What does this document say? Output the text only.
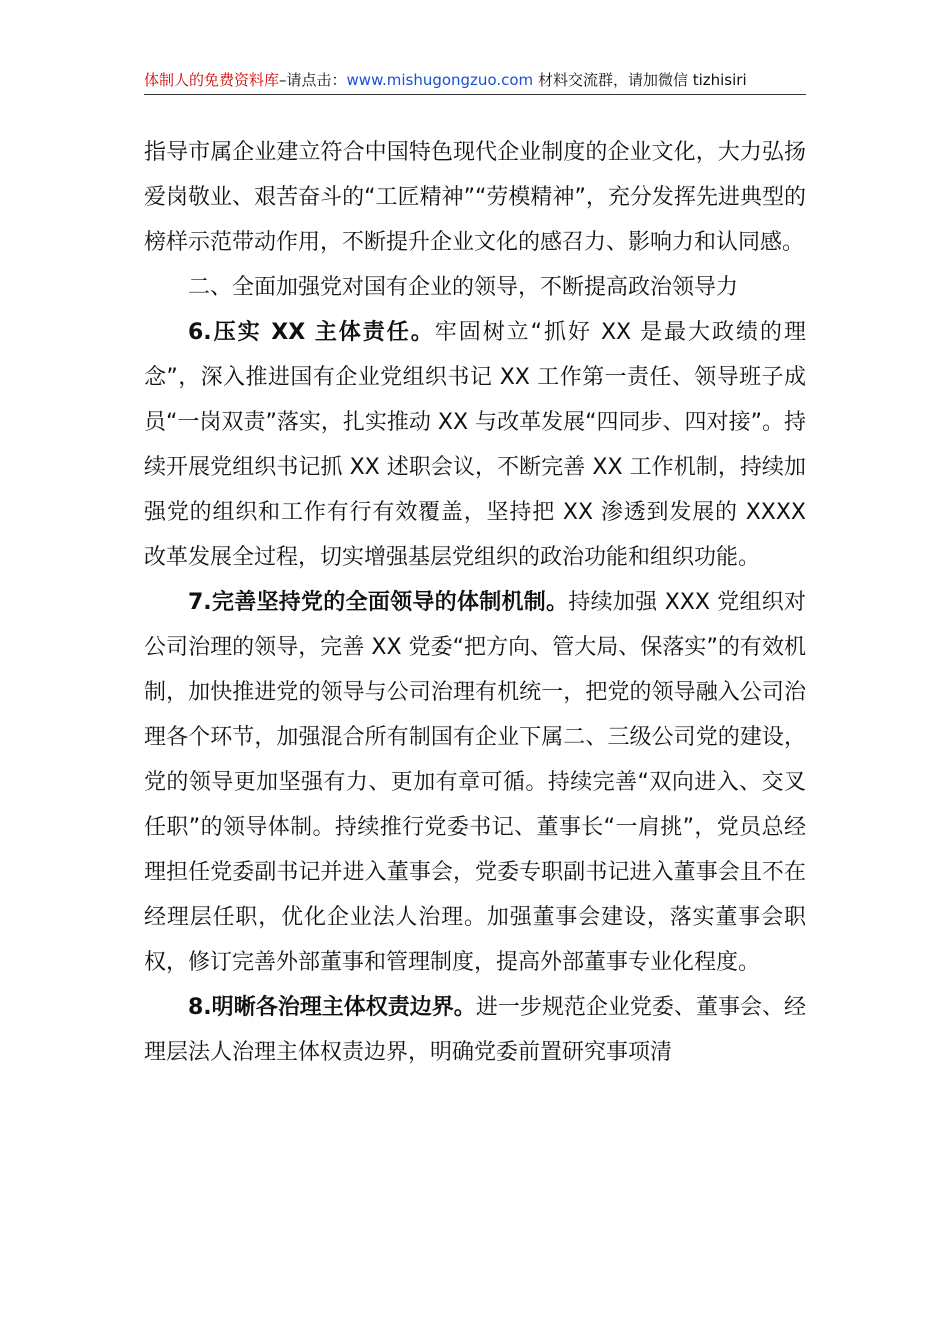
体制人的免费资料库–请点击：www.mishugongzuo.com 材料交流群，请加微信 tizhisiri

指导市属企业建立符合中国特色现代企业制度的企业文化，大力弘扬爱岗敬业、艰苦奋斗的“工匠精神”“劳模精神”，充分发挥先进典型的榜样示范带动作用，不断提升企业文化的感召力、影响力和认同感。

二、全面加强党对国有企业的领导，不断提高政治领导力

6.压实 XX 主体责任。牢固树立“抓好 XX 是最大政绩的理念”，深入推进国有企业党组织书记 XX 工作第一责任、领导班子成员“一岗双责”落实，扎实推动 XX 与改革发展“四同步、四对接”。持续开展党组织书记抓 XX 述职会议，不断完善 XX 工作机制，持续加强党的组织和工作有行有效覆盖，坚持把 XX 渗透到发展的 XXXX 改革发展全过程，切实增强基层党组织的政治功能和组织功能。

7.完善坚持党的全面领导的体制机制。持续加强 XXX 党组织对公司治理的领导，完善 XX 党委“把方向、管大局、保落实”的有效机制，加快推进党的领导与公司治理有机统一，把党的领导融入公司治理各个环节，加强混合所有制国有企业下属二、三级公司党的建设，党的领导更加坚强有力、更加有章可循。持续完善“双向进入、交叉任职”的领导体制。持续推行党委书记、董事长“一肩挑”，党员总经理担任党委副书记并进入董事会，党委专职副书记进入董事会且不在经理层任职，优化企业法人治理。加强董事会建设，落实董事会职权，修订完善外部董事和管理制度，提高外部董事专业化程度。

8.明晰各治理主体权责边界。进一步规范企业党委、董事会、经理层法人治理主体权责边界，明确党委前置研究事项清
